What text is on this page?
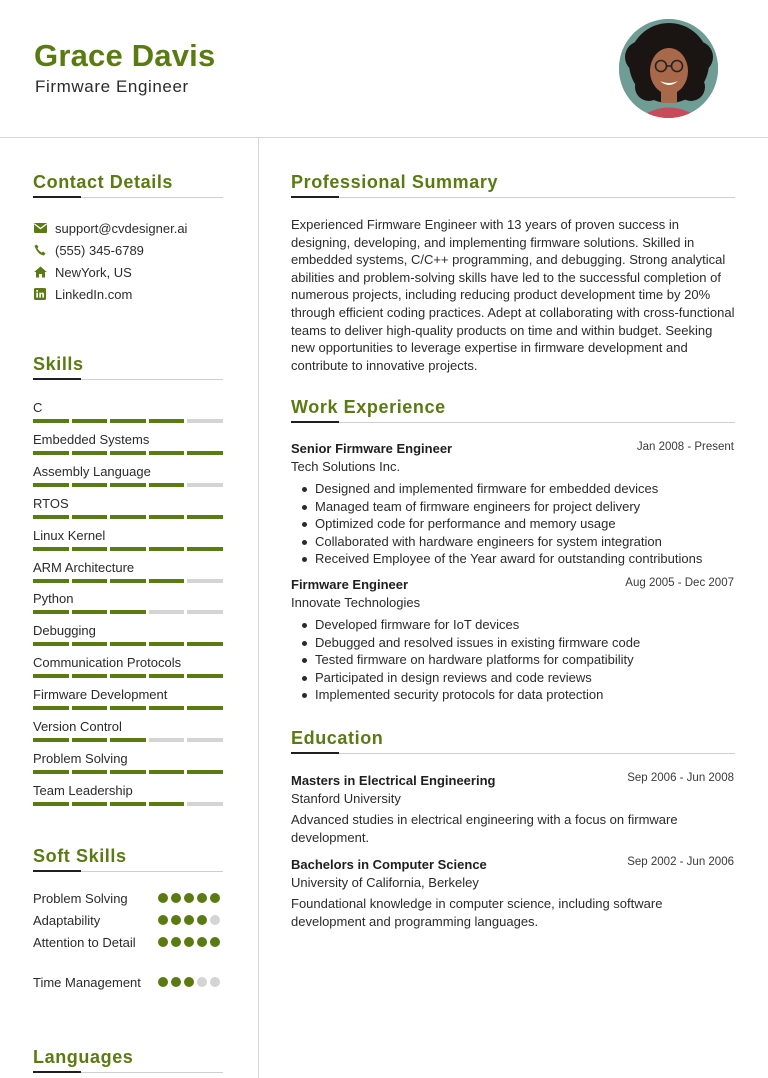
Grace Davis
Firmware Engineer
Contact Details
support@cvdesigner.ai
(555) 345-6789
NewYork, US
LinkedIn.com
Skills
C
Embedded Systems
Assembly Language
RTOS
Linux Kernel
ARM Architecture
Python
Debugging
Communication Protocols
Firmware Development
Version Control
Problem Solving
Team Leadership
Soft Skills
Problem Solving
Adaptability
Attention to Detail
Time Management
Languages
Professional Summary
Experienced Firmware Engineer with 13 years of proven success in designing, developing, and implementing firmware solutions. Skilled in embedded systems, C/C++ programming, and debugging. Strong analytical abilities and problem-solving skills have led to the successful completion of numerous projects, including reducing product development time by 20% through efficient coding practices. Adept at collaborating with cross-functional teams to deliver high-quality products on time and within budget. Seeking new opportunities to leverage expertise in firmware development and contribute to innovative projects.
Work Experience
Senior Firmware Engineer	Jan 2008 - Present
Tech Solutions Inc.
Designed and implemented firmware for embedded devices
Managed team of firmware engineers for project delivery
Optimized code for performance and memory usage
Collaborated with hardware engineers for system integration
Received Employee of the Year award for outstanding contributions
Firmware Engineer	Aug 2005 - Dec 2007
Innovate Technologies
Developed firmware for IoT devices
Debugged and resolved issues in existing firmware code
Tested firmware on hardware platforms for compatibility
Participated in design reviews and code reviews
Implemented security protocols for data protection
Education
Masters in Electrical Engineering	Sep 2006 - Jun 2008
Stanford University
Advanced studies in electrical engineering with a focus on firmware development.
Bachelors in Computer Science	Sep 2002 - Jun 2006
University of California, Berkeley
Foundational knowledge in computer science, including software development and programming languages.
